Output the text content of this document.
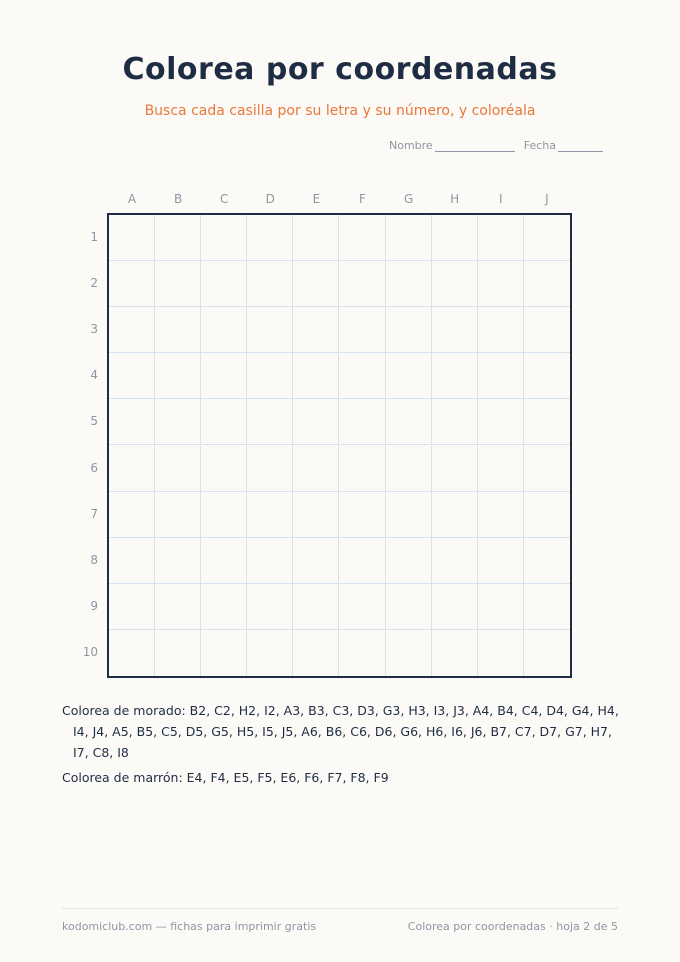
Colorea por coordenadas
Busca cada casilla por su letra y su número, y coloréala
Nombre	Fecha
A	B	C	D	E	F	G	H	I	J
1
2
3
4
5
6
7
8
9
10
Colorea de morado: B2, C2, H2, I2, A3, B3, C3, D3, G3, H3, I3, J3, A4, B4, C4, D4, G4, H4, I4, J4, A5, B5, C5, D5, G5, H5, I5, J5, A6, B6, C6, D6, G6, H6, I6, J6, B7, C7, D7, G7, H7, I7, C8, I8
Colorea de marrón: E4, F4, E5, F5, E6, F6, F7, F8, F9
kodomiclub.com — fichas para imprimir gratis	Colorea por coordenadas · hoja 2 de 5
